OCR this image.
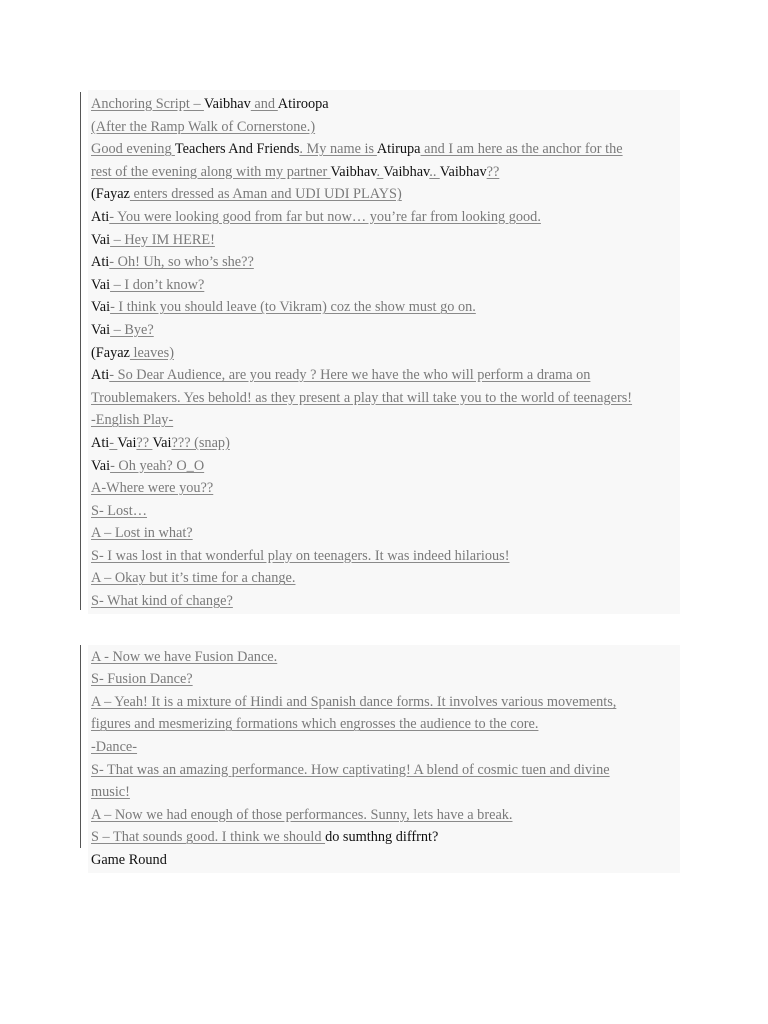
Anchoring Script – Vaibhav and Atiroopa
(After the Ramp Walk of Cornerstone.)
Good evening Teachers And Friends. My name is Atirupa and I am here as the anchor for the
rest of the evening along with my partner Vaibhav. Vaibhav.. Vaibhav??
(Fayaz enters dressed as Aman and UDI UDI PLAYS)
Ati- You were looking good from far but now… you’re far from looking good.
Vai – Hey IM HERE!
Ati- Oh! Uh, so who’s she??
Vai – I don’t know?
Vai- I think you should leave (to Vikram) coz the show must go on.
Vai – Bye?
(Fayaz leaves)
Ati- So Dear Audience, are you ready ? Here we have the who will perform a drama on
Troublemakers. Yes behold! as they present a play that will take you to the world of teenagers!
-English Play-
Ati- Vai?? Vai??? (snap)
Vai- Oh yeah? O_O
A-Where were you??
S- Lost…
A – Lost in what?
S- I was lost in that wonderful play on teenagers. It was indeed hilarious!
A – Okay but it’s time for a change.
S- What kind of change?
A - Now we have Fusion Dance.
S- Fusion Dance?
A – Yeah! It is a mixture of Hindi and Spanish dance forms. It involves various movements,
figures and mesmerizing formations which engrosses the audience to the core.
-Dance-
S- That was an amazing performance. How captivating! A blend of cosmic tuen and divine
music!
A – Now we had enough of those performances. Sunny, lets have a break.
S – That sounds good. I think we should do sumthng diffrnt?
Game Round
